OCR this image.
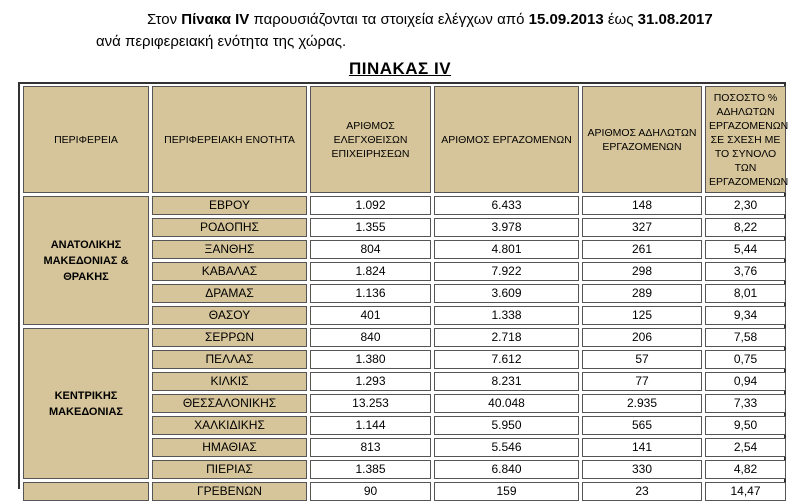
Στον Πίνακα IV παρουσιάζονται τα στοιχεία ελέγχων από 15.09.2013 έως 31.08.2017
ανά περιφερειακή ενότητα της χώρας.
ΠΙΝΑΚΑΣ IV
ΠΕΡΙΦΕΡΕΙΑ	ΠΕΡΙΦΕΡΕΙΑΚΗ ΕΝΟΤΗΤΑ	ΑΡΙΘΜΟΣ ΕΛΕΓΧΘΕΙΣΩΝ ΕΠΙΧΕΙΡΗΣΕΩΝ	ΑΡΙΘΜΟΣ ΕΡΓΑΖΟΜΕΝΩΝ	ΑΡΙΘΜΟΣ ΑΔΗΛΩΤΩΝ ΕΡΓΑΖΟΜΕΝΩΝ	ΠΟΣΟΣΤΟ % ΑΔΗΛΩΤΩΝ ΕΡΓΑΖΟΜΕΝΩΝ ΣΕ ΣΧΕΣΗ ΜΕ ΤΟ ΣΥΝΟΛΟ ΤΩΝ ΕΡΓΑΖΟΜΕΝΩΝ
ΑΝΑΤΟΛΙΚΗΣ ΜΑΚΕΔΟΝΙΑΣ & ΘΡΑΚΗΣ	ΕΒΡΟΥ	1.092	6.433	148	2,30
	ΡΟΔΟΠΗΣ	1.355	3.978	327	8,22
	ΞΑΝΘΗΣ	804	4.801	261	5,44
	ΚΑΒΑΛΑΣ	1.824	7.922	298	3,76
	ΔΡΑΜΑΣ	1.136	3.609	289	8,01
	ΘΑΣΟΥ	401	1.338	125	9,34
ΚΕΝΤΡΙΚΗΣ ΜΑΚΕΔΟΝΙΑΣ	ΣΕΡΡΩΝ	840	2.718	206	7,58
	ΠΕΛΛΑΣ	1.380	7.612	57	0,75
	ΚΙΛΚΙΣ	1.293	8.231	77	0,94
	ΘΕΣΣΑΛΟΝΙΚΗΣ	13.253	40.048	2.935	7,33
	ΧΑΛΚΙΔΙΚΗΣ	1.144	5.950	565	9,50
	ΗΜΑΘΙΑΣ	813	5.546	141	2,54
	ΠΙΕΡΙΑΣ	1.385	6.840	330	4,82
	ΓΡΕΒΕΝΩΝ	90	159	23	14,47
